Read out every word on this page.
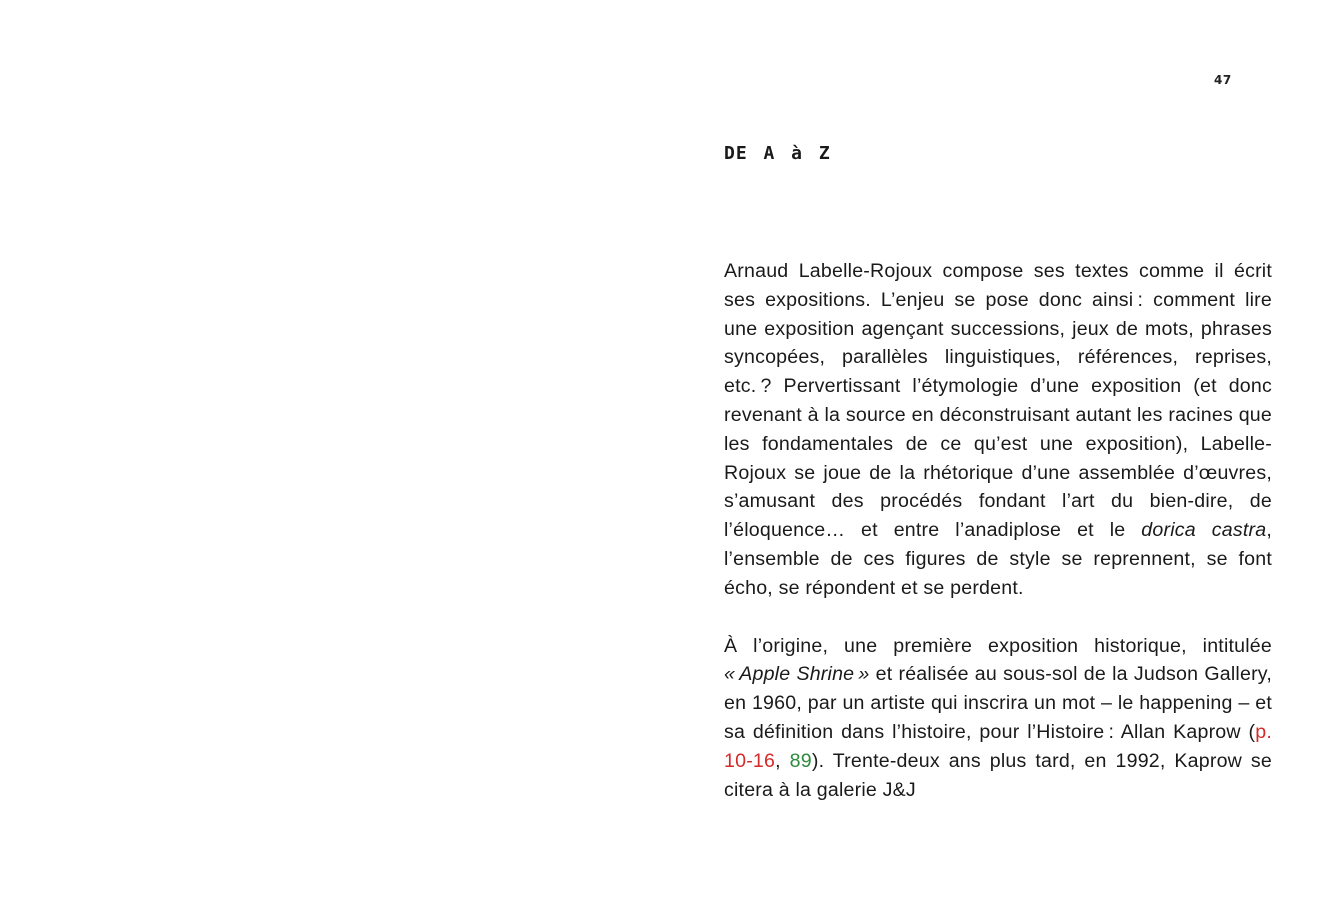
47
DE A à Z

Arnaud Labelle-Rojoux compose ses textes comme il écrit ses expositions. L’enjeu se pose donc ainsi : comment lire une exposition agençant successions, jeux de mots, phrases syncopées, parallèles linguistiques, références, reprises, etc. ? Pervertissant l’étymologie d’une exposition (et donc revenant à la source en déconstruisant autant les racines que les fondamentales de ce qu’est une exposition), Labelle-Rojoux se joue de la rhétorique d’une assemblée d’œuvres, s’amusant des procédés fondant l’art du bien-dire, de l’éloquence… et entre l’anadiplose et le dorica castra, l’ensemble de ces figures de style se reprennent, se font écho, se répondent et se perdent.

À l’origine, une première exposition historique, intitulée « Apple Shrine » et réalisée au sous-sol de la Judson Gallery, en 1960, par un artiste qui inscrira un mot – le happening – et sa définition dans l’histoire, pour l’Histoire : Allan Kaprow (p. 10-16, 89). Trente-deux ans plus tard, en 1992, Kaprow se citera à la galerie J&J
